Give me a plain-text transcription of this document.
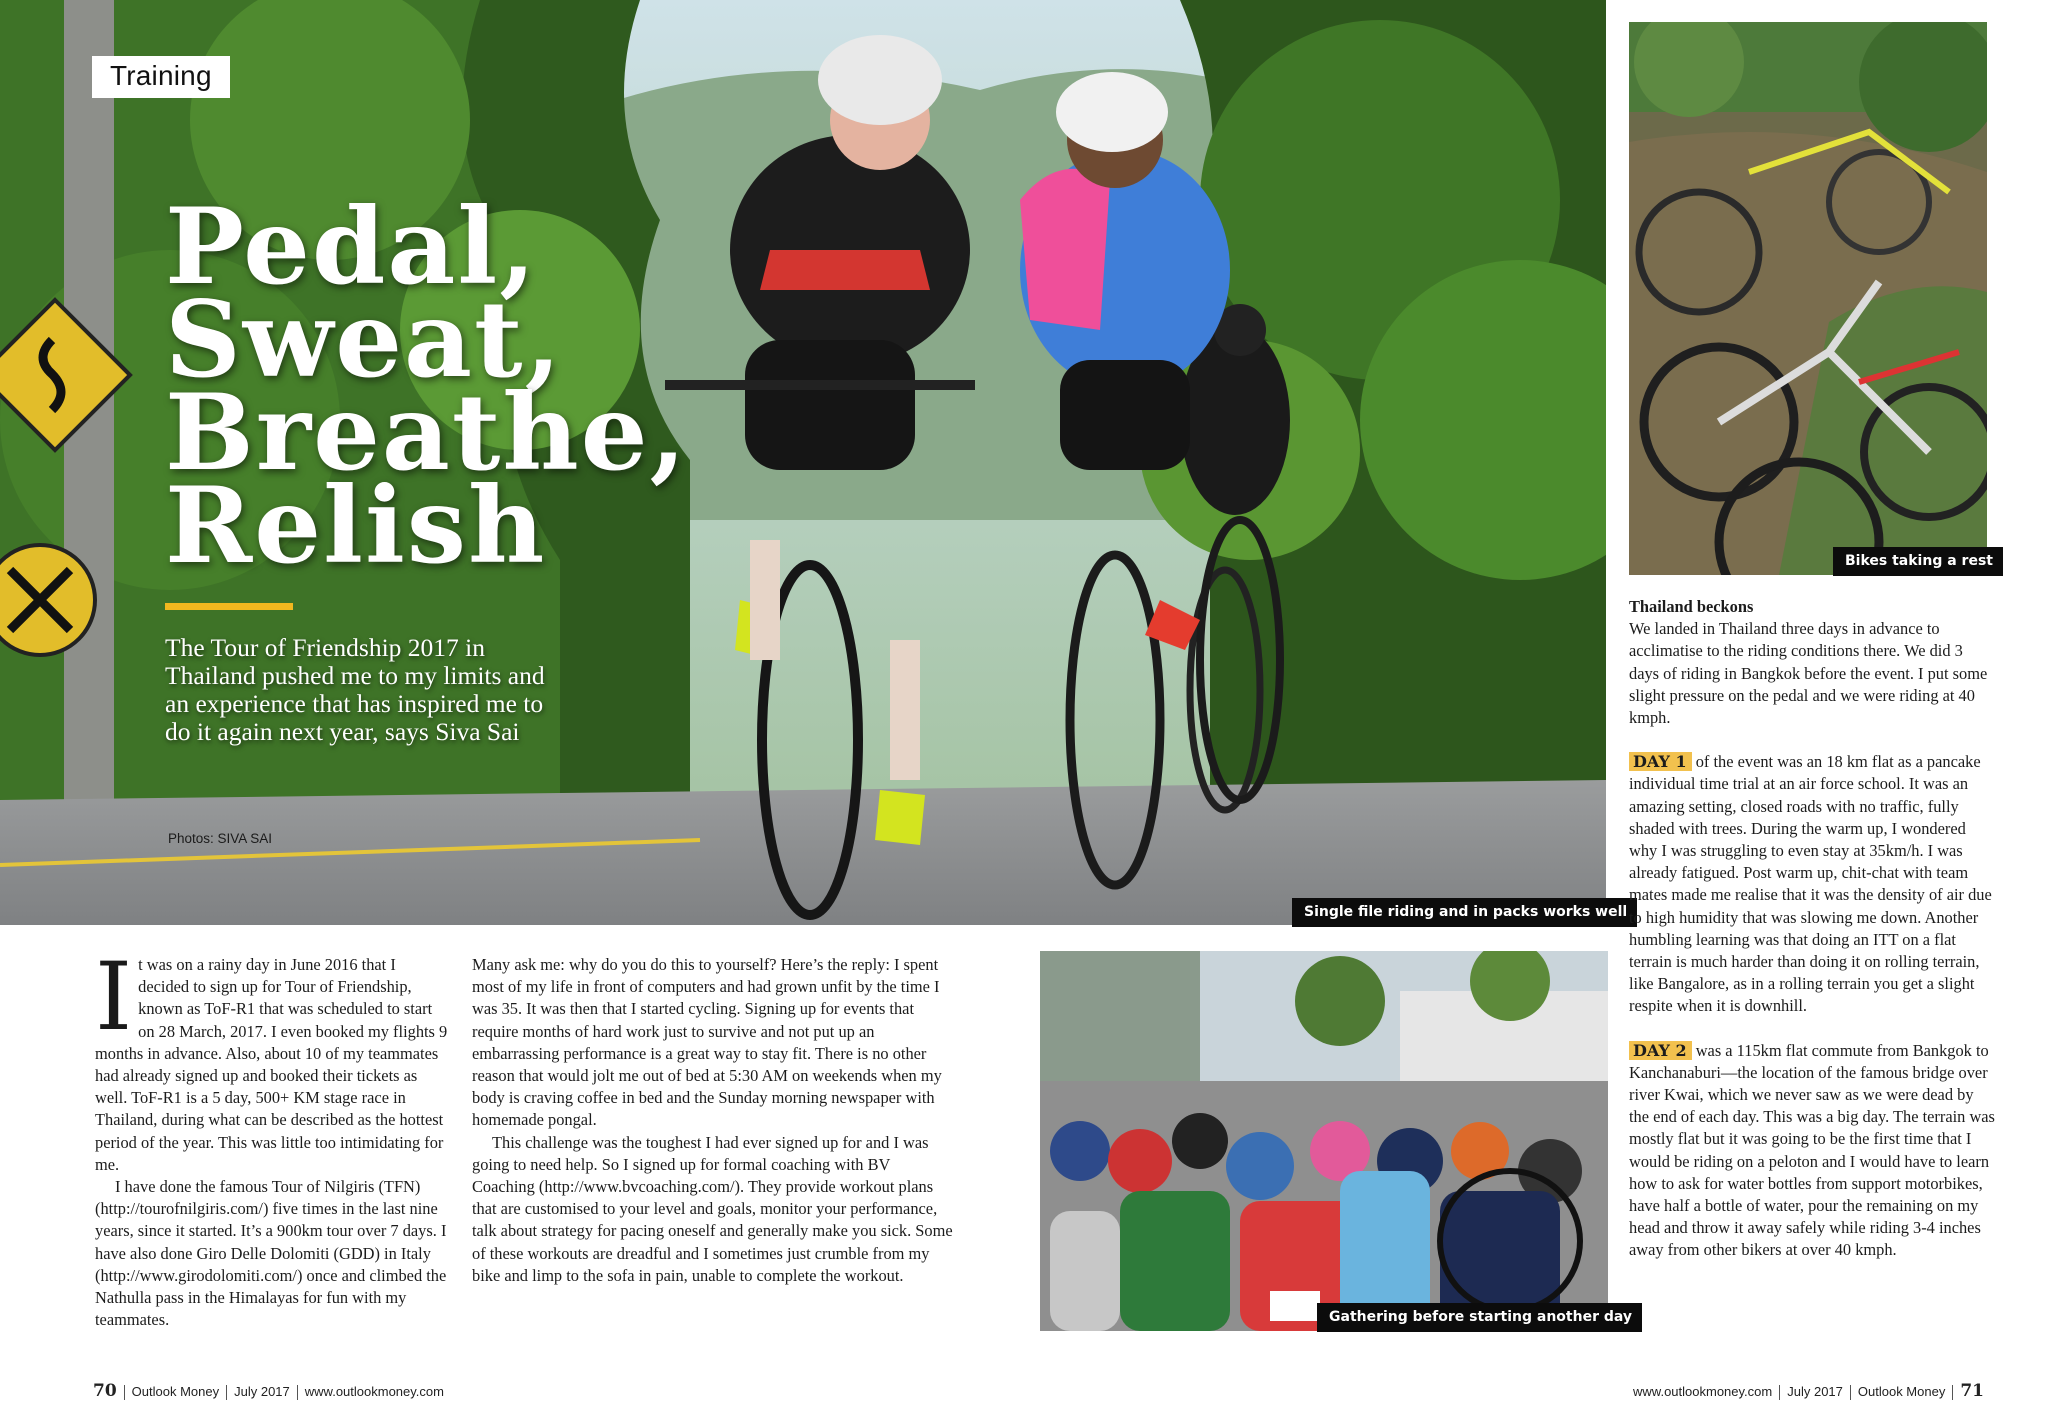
Training
Pedal,
Sweat,
Breathe,
Relish

The Tour of Friendship 2017 in Thailand pushed me to my limits and an experience that has inspired me to do it again next year, says Siva Sai

Photos: SIVA SAI
Single file riding and in packs works well
Bikes taking a rest
Gathering before starting another day

It was on a rainy day in June 2016 that I decided to sign up for Tour of Friendship, known as ToF-R1 that was scheduled to start on 28 March, 2017. I even booked my flights 9 months in advance. Also, about 10 of my teammates had already signed up and booked their tickets as well. ToF-R1 is a 5 day, 500+ KM stage race in Thailand, during what can be described as the hottest period of the year. This was little too intimidating for me.

I have done the famous Tour of Nilgiris (TFN) (http://tourofnilgiris.com/) five times in the last nine years, since it started. It’s a 900km tour over 7 days. I have also done Giro Delle Dolomiti (GDD) in Italy (http://www.girodolomiti.com/) once and climbed the Nathulla pass in the Himalayas for fun with my teammates.

Many ask me: why do you do this to yourself? Here’s the reply: I spent most of my life in front of computers and had grown unfit by the time I was 35. It was then that I started cycling. Signing up for events that require months of hard work just to survive and not put up an embarrassing performance is a great way to stay fit. There is no other reason that would jolt me out of bed at 5:30 AM on weekends when my body is craving coffee in bed and the Sunday morning newspaper with homemade pongal.

This challenge was the toughest I had ever signed up for and I was going to need help. So I signed up for formal coaching with BV Coaching (http://www.bvcoaching.com/). They provide workout plans that are customised to your level and goals, monitor your performance, talk about strategy for pacing oneself and generally make you sick. Some of these workouts are dreadful and I sometimes just crumble from my bike and limp to the sofa in pain, unable to complete the workout.

Thailand beckons

We landed in Thailand three days in advance to acclimatise to the riding conditions there. We did 3 days of riding in Bangkok before the event. I put some slight pressure on the pedal and we were riding at 40 kmph.

DAY 1 of the event was an 18 km flat as a pancake individual time trial at an air force school. It was an amazing setting, closed roads with no traffic, fully shaded with trees. During the warm up, I wondered why I was struggling to even stay at 35km/h. I was already fatigued. Post warm up, chit-chat with team mates made me realise that it was the density of air due to high humidity that was slowing me down. Another humbling learning was that doing an ITT on a flat terrain is much harder than doing it on rolling terrain, like Bangalore, as in a rolling terrain you get a slight respite when it is downhill.

DAY 2 was a 115km flat commute from Bankgok to Kanchanaburi—the location of the famous bridge over river Kwai, which we never saw as we were dead by the end of each day. This was a big day. The terrain was mostly flat but it was going to be the first time that I would be riding on a peloton and I would have to learn how to ask for water bottles from support motorbikes, have half a bottle of water, pour the remaining on my head and throw it away safely while riding 3-4 inches away from other bikers at over 40 kmph.

70 Outlook Money July 2017 www.outlookmoney.com	www.outlookmoney.com July 2017 Outlook Money 71
